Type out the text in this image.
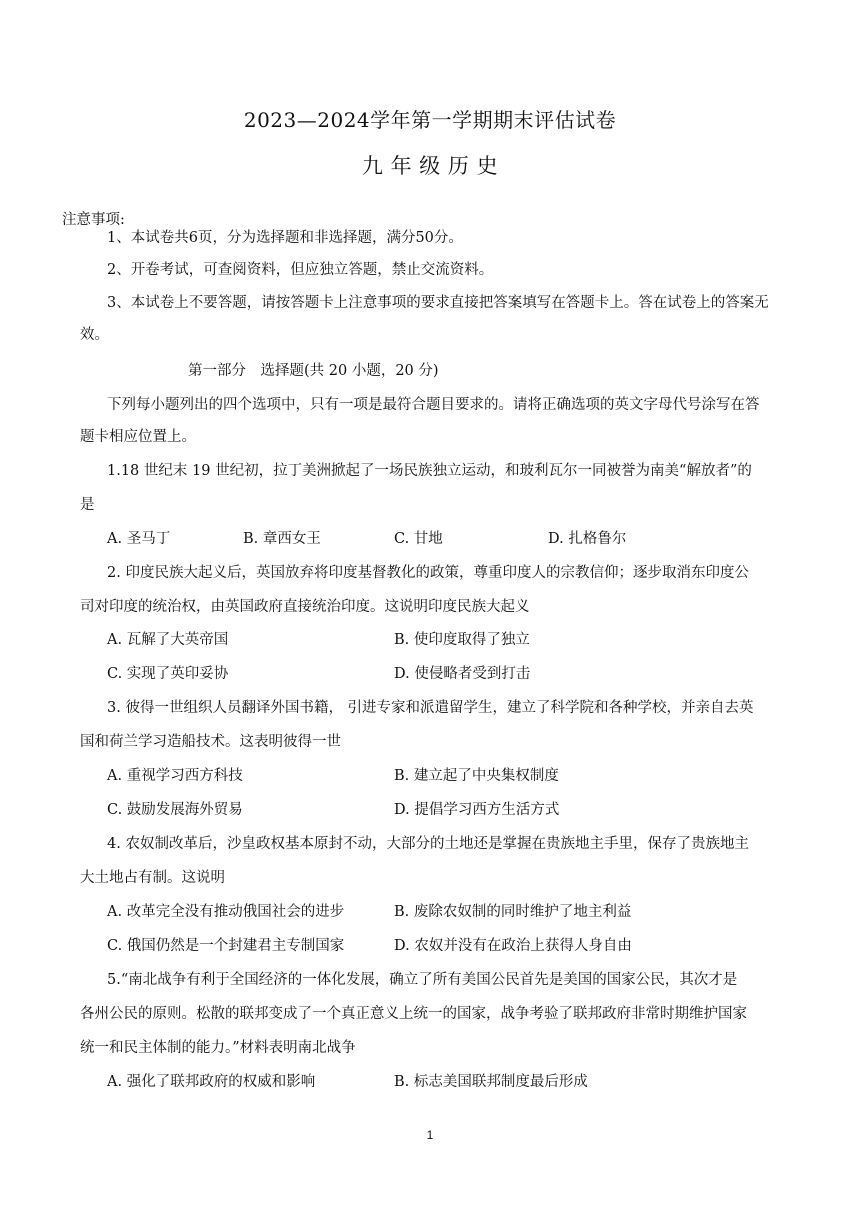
2023—2024学年第一学期期末评估试卷
九 年 级 历 史
注意事项:
1、本试卷共6页，分为选择题和非选择题，满分50分。
2、开卷考试，可查阅资料，但应独立答题，禁止交流资料。
3、本试卷上不要答题，请按答题卡上注意事项的要求直接把答案填写在答题卡上。答在试卷上的答案无
效。
第一部分　选择题(共 20 小题，20 分)
下列每小题列出的四个选项中，只有一项是最符合题目要求的。请将正确选项的英文字母代号涂写在答
题卡相应位置上。
1.18 世纪末 19 世纪初，拉丁美洲掀起了一场民族独立运动，和玻利瓦尔一同被誉为南美“解放者”的
是
A. 圣马丁	B. 章西女王	C. 甘地	D. 扎格鲁尔
2. 印度民族大起义后，英国放弃将印度基督教化的政策，尊重印度人的宗教信仰；逐步取消东印度公
司对印度的统治权，由英国政府直接统治印度。这说明印度民族大起义
A. 瓦解了大英帝国	B. 使印度取得了独立
C. 实现了英印妥协	D. 使侵略者受到打击
3. 彼得一世组织人员翻译外国书籍， 引进专家和派遣留学生，建立了科学院和各种学校，并亲自去英
国和荷兰学习造船技术。这表明彼得一世
A. 重视学习西方科技	B. 建立起了中央集权制度
C. 鼓励发展海外贸易	D. 提倡学习西方生活方式
4. 农奴制改革后，沙皇政权基本原封不动，大部分的土地还是掌握在贵族地主手里，保存了贵族地主
大土地占有制。这说明
A. 改革完全没有推动俄国社会的进步	B. 废除农奴制的同时维护了地主利益
C. 俄国仍然是一个封建君主专制国家	D. 农奴并没有在政治上获得人身自由
5.“南北战争有利于全国经济的一体化发展，确立了所有美国公民首先是美国的国家公民，其次才是
各州公民的原则。松散的联邦变成了一个真正意义上统一的国家，战争考验了联邦政府非常时期维护国家
统一和民主体制的能力。”材料表明南北战争
A. 强化了联邦政府的权威和影响	B. 标志美国联邦制度最后形成
1
